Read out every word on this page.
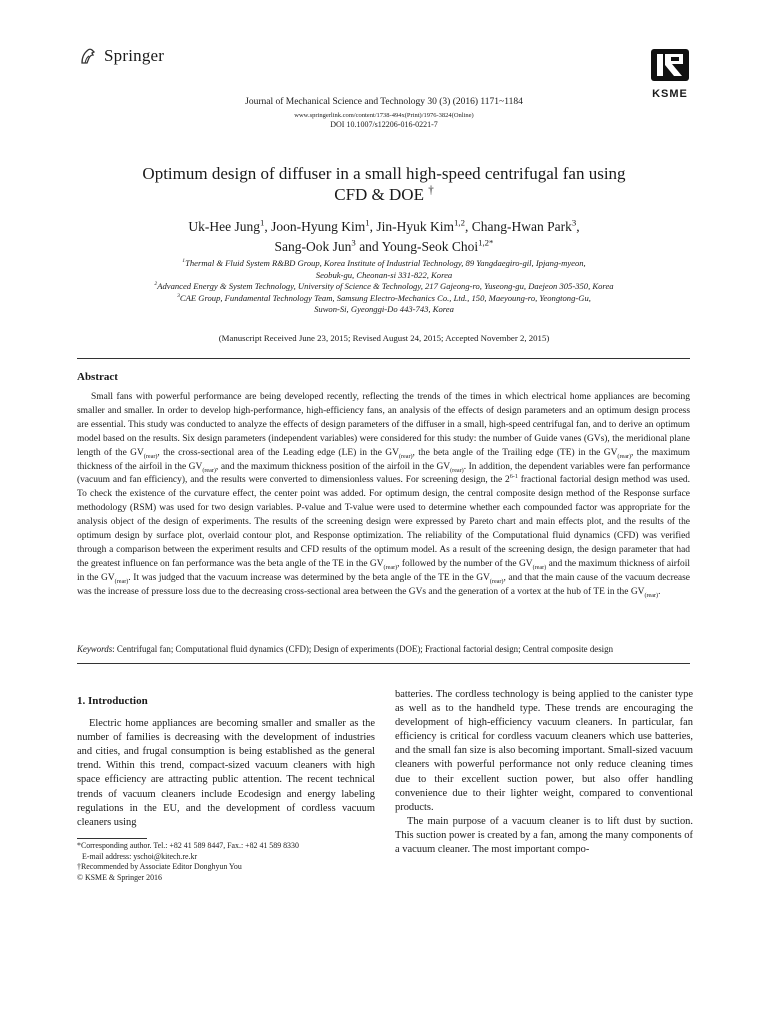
Springer
KSME
Journal of Mechanical Science and Technology 30 (3) (2016) 1171~1184
www.springerlink.com/content/1738-494x(Print)/1976-3824(Online)
DOI 10.1007/s12206-016-0221-7
Optimum design of diffuser in a small high-speed centrifugal fan using
CFD & DOE †
Uk-Hee Jung$^1$, Joon-Hyung Kim$^1$, Jin-Hyuk Kim$^{1,2}$, Chang-Hwan Park$^3$,
Sang-Ook Jun$^3$ and Young-Seok Choi$^{1,2*}$
$^1$Thermal & Fluid System R&BD Group, Korea Institute of Industrial Technology, 89 Yangdaegiro-gil, Ipjang-myeon,
Seobuk-gu, Cheonan-si 331-822, Korea
$^2$Advanced Energy & System Technology, University of Science & Technology, 217 Gajeong-ro, Yuseong-gu, Daejeon 305-350, Korea
$^3$CAE Group, Fundamental Technology Team, Samsung Electro-Mechanics Co., Ltd., 150, Maeyoung-ro, Yeongtong-Gu,
Suwon-Si, Gyeonggi-Do 443-743, Korea
(Manuscript Received June 23, 2015; Revised August 24, 2015; Accepted November 2, 2015)
Abstract
Small fans with powerful performance are being developed recently, reflecting the trends of the times in which electrical home appliances are becoming smaller and smaller. In order to develop high-performance, high-efficiency fans, an analysis of the effects of design parameters and an optimum design process are essential. This study was conducted to analyze the effects of design parameters of the diffuser in a small, high-speed centrifugal fan, and to derive an optimum model based on the results. Six design parameters (independent variables) were considered for this study: the number of Guide vanes (GVs), the meridional plane length of the $GV_{(rear)}$, the cross-sectional area of the Leading edge (LE) in the $GV_{(rear)}$, the beta angle of the Trailing edge (TE) in the $GV_{(rear)}$, the maximum thickness of the airfoil in the $GV_{(rear)}$, and the maximum thickness position of the airfoil in the $GV_{(rear)}$. In addition, the dependent variables were fan performance (vacuum and fan efficiency), and the results were converted to dimensionless values. For screening design, the 2$^{6-1}$ fractional factorial design method was used. To check the existence of the curvature effect, the center point was added. For optimum design, the central composite design method of the Response surface methodology (RSM) was used for two design variables. P-value and T-value were used to determine whether each compounded factor was appropriate for the analysis object of the design of experiments. The results of the screening design were expressed by Pareto chart and main effects plot, and the results of the optimum design by surface plot, overlaid contour plot, and Response optimization. The reliability of the Computational fluid dynamics (CFD) was verified through a comparison between the experiment results and CFD results of the optimum model. As a result of the screening design, the design parameter that had the greatest influence on fan performance was the beta angle of the TE in the $GV_{(rear)}$, followed by the number of the $GV_{(rear)}$ and the maximum thickness of airfoil in the $GV_{(rear)}$. It was judged that the vacuum increase was determined by the beta angle of the TE in the $GV_{(rear)}$, and that the main cause of the vacuum decrease was the increase of pressure loss due to the decreasing cross-sectional area between the GVs and the generation of a vortex at the hub of TE in the $GV_{(rear)}$.
Keywords: Centrifugal fan; Computational fluid dynamics (CFD); Design of experiments (DOE); Fractional factorial design; Central composite design
1. Introduction

Electric home appliances are becoming smaller and smaller as the number of families is decreasing with the development of industries and cities, and frugal consumption is being established as the general trend. Within this trend, compact-sized vacuum cleaners with high space efficiency are attracting public attention. The recent technical trends of vacuum cleaners include Ecodesign and energy labeling regulations in the EU, and the development of cordless vacuum cleaners using

*Corresponding author. Tel.: +82 41 589 8447, Fax.: +82 41 589 8330
E-mail address: yschoi@kitech.re.kr
†Recommended by Associate Editor Donghyun You
© KSME & Springer 2016

batteries. The cordless technology is being applied to the canister type as well as to the handheld type. These trends are encouraging the development of high-efficiency vacuum cleaners. In particular, fan efficiency is critical for cordless vacuum cleaners which use batteries, and the small fan size is also becoming important. Small-sized vacuum cleaners with powerful performance not only reduce cleaning times due to their excellent suction power, but also offer handling convenience due to their lighter weight, compared to conventional products.

The main purpose of a vacuum cleaner is to lift dust by suction. This suction power is created by a fan, among the many components of a vacuum cleaner. The most important compo-
